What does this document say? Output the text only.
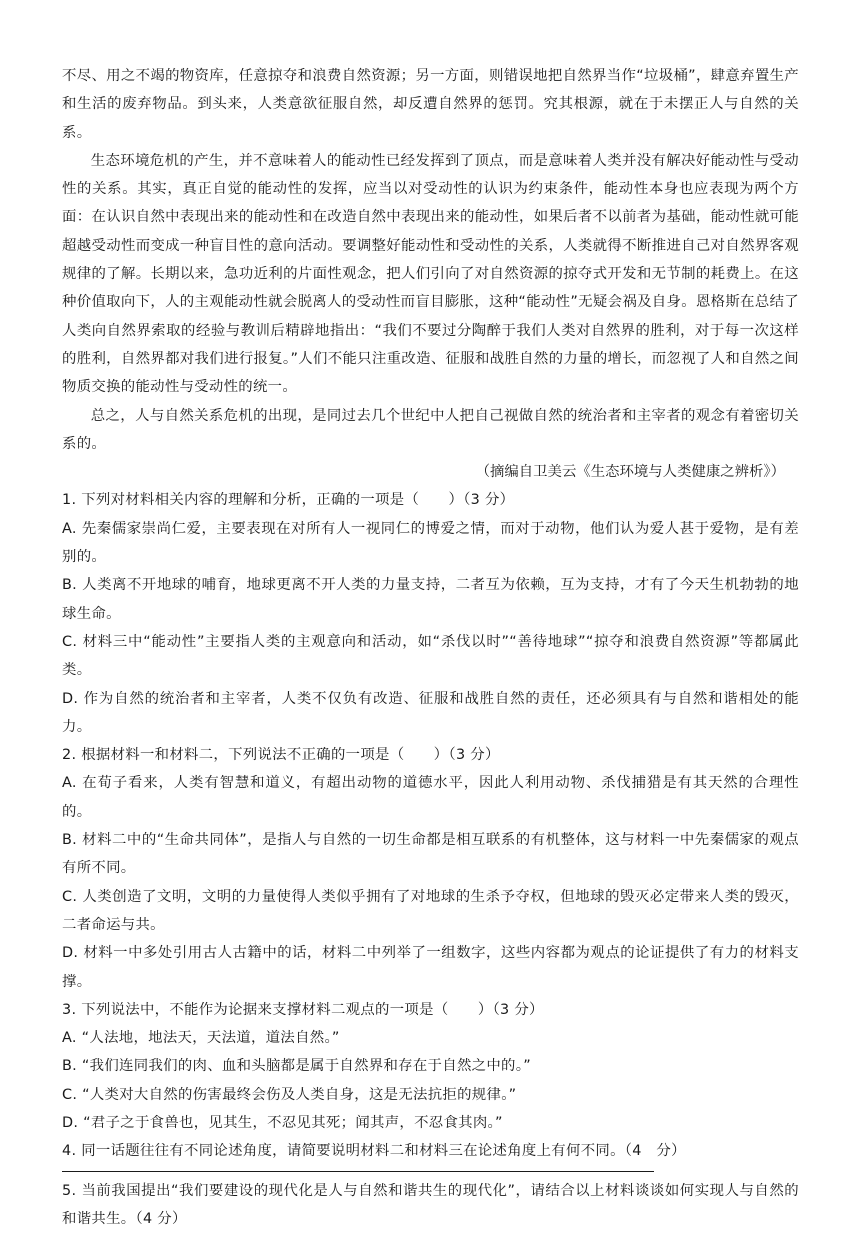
不尽、用之不竭的物资库，任意掠夺和浪费自然资源；另一方面，则错误地把自然界当作“垃圾桶”，肆意弃置生产和生活的废弃物品。到头来，人类意欲征服自然，却反遭自然界的惩罚。究其根源，就在于未摆正人与自然的关系。

生态环境危机的产生，并不意味着人的能动性已经发挥到了顶点，而是意味着人类并没有解决好能动性与受动性的关系。其实，真正自觉的能动性的发挥，应当以对受动性的认识为约束条件，能动性本身也应表现为两个方面：在认识自然中表现出来的能动性和在改造自然中表现出来的能动性，如果后者不以前者为基础，能动性就可能超越受动性而变成一种盲目性的意向活动。要调整好能动性和受动性的关系，人类就得不断推进自己对自然界客观规律的了解。长期以来，急功近利的片面性观念，把人们引向了对自然资源的掠夺式开发和无节制的耗费上。在这种价值取向下，人的主观能动性就会脱离人的受动性而盲目膨胀，这种“能动性”无疑会祸及自身。恩格斯在总结了人类向自然界索取的经验与教训后精辟地指出：“我们不要过分陶醉于我们人类对自然界的胜利，对于每一次这样的胜利，自然界都对我们进行报复。”人们不能只注重改造、征服和战胜自然的力量的增长，而忽视了人和自然之间物质交换的能动性与受动性的统一。

总之，人与自然关系危机的出现，是同过去几个世纪中人把自己视做自然的统治者和主宰者的观念有着密切关系的。

（摘编自卫美云《生态环境与人类健康之辨析》）

1. 下列对材料相关内容的理解和分析，正确的一项是（　　）（3 分）

A. 先秦儒家崇尚仁爱，主要表现在对所有人一视同仁的博爱之情，而对于动物，他们认为爱人甚于爱物，是有差别的。

B. 人类离不开地球的哺育，地球更离不开人类的力量支持，二者互为依赖，互为支持，才有了今天生机勃勃的地球生命。

C. 材料三中“能动性”主要指人类的主观意向和活动，如“杀伐以时”“善待地球”“掠夺和浪费自然资源”等都属此类。

D. 作为自然的统治者和主宰者，人类不仅负有改造、征服和战胜自然的责任，还必须具有与自然和谐相处的能力。

2. 根据材料一和材料二，下列说法不正确的一项是（　　）（3 分）

A. 在荀子看来，人类有智慧和道义，有超出动物的道德水平，因此人利用动物、杀伐捕猎是有其天然的合理性的。

B. 材料二中的“生命共同体”，是指人与自然的一切生命都是相互联系的有机整体，这与材料一中先秦儒家的观点有所不同。

C. 人类创造了文明，文明的力量使得人类似乎拥有了对地球的生杀予夺权，但地球的毁灭必定带来人类的毁灭，二者命运与共。

D. 材料一中多处引用古人古籍中的话，材料二中列举了一组数字，这些内容都为观点的论证提供了有力的材料支撑。

3. 下列说法中，不能作为论据来支撑材料二观点的一项是（　　）（3 分）

A. “人法地，地法天，天法道，道法自然。”

B. “我们连同我们的肉、血和头脑都是属于自然界和存在于自然之中的。”

C. “人类对大自然的伤害最终会伤及人类自身，这是无法抗拒的规律。”

D. “君子之于食兽也，见其生，不忍见其死；闻其声，不忍食其肉。”

4. 同一话题往往有不同论述角度，请简要说明材料二和材料三在论述角度上有何不同。（4　分）

5. 当前我国提出“我们要建设的现代化是人与自然和谐共生的现代化”，请结合以上材料谈谈如何实现人与自然的和谐共生。（4 分）
